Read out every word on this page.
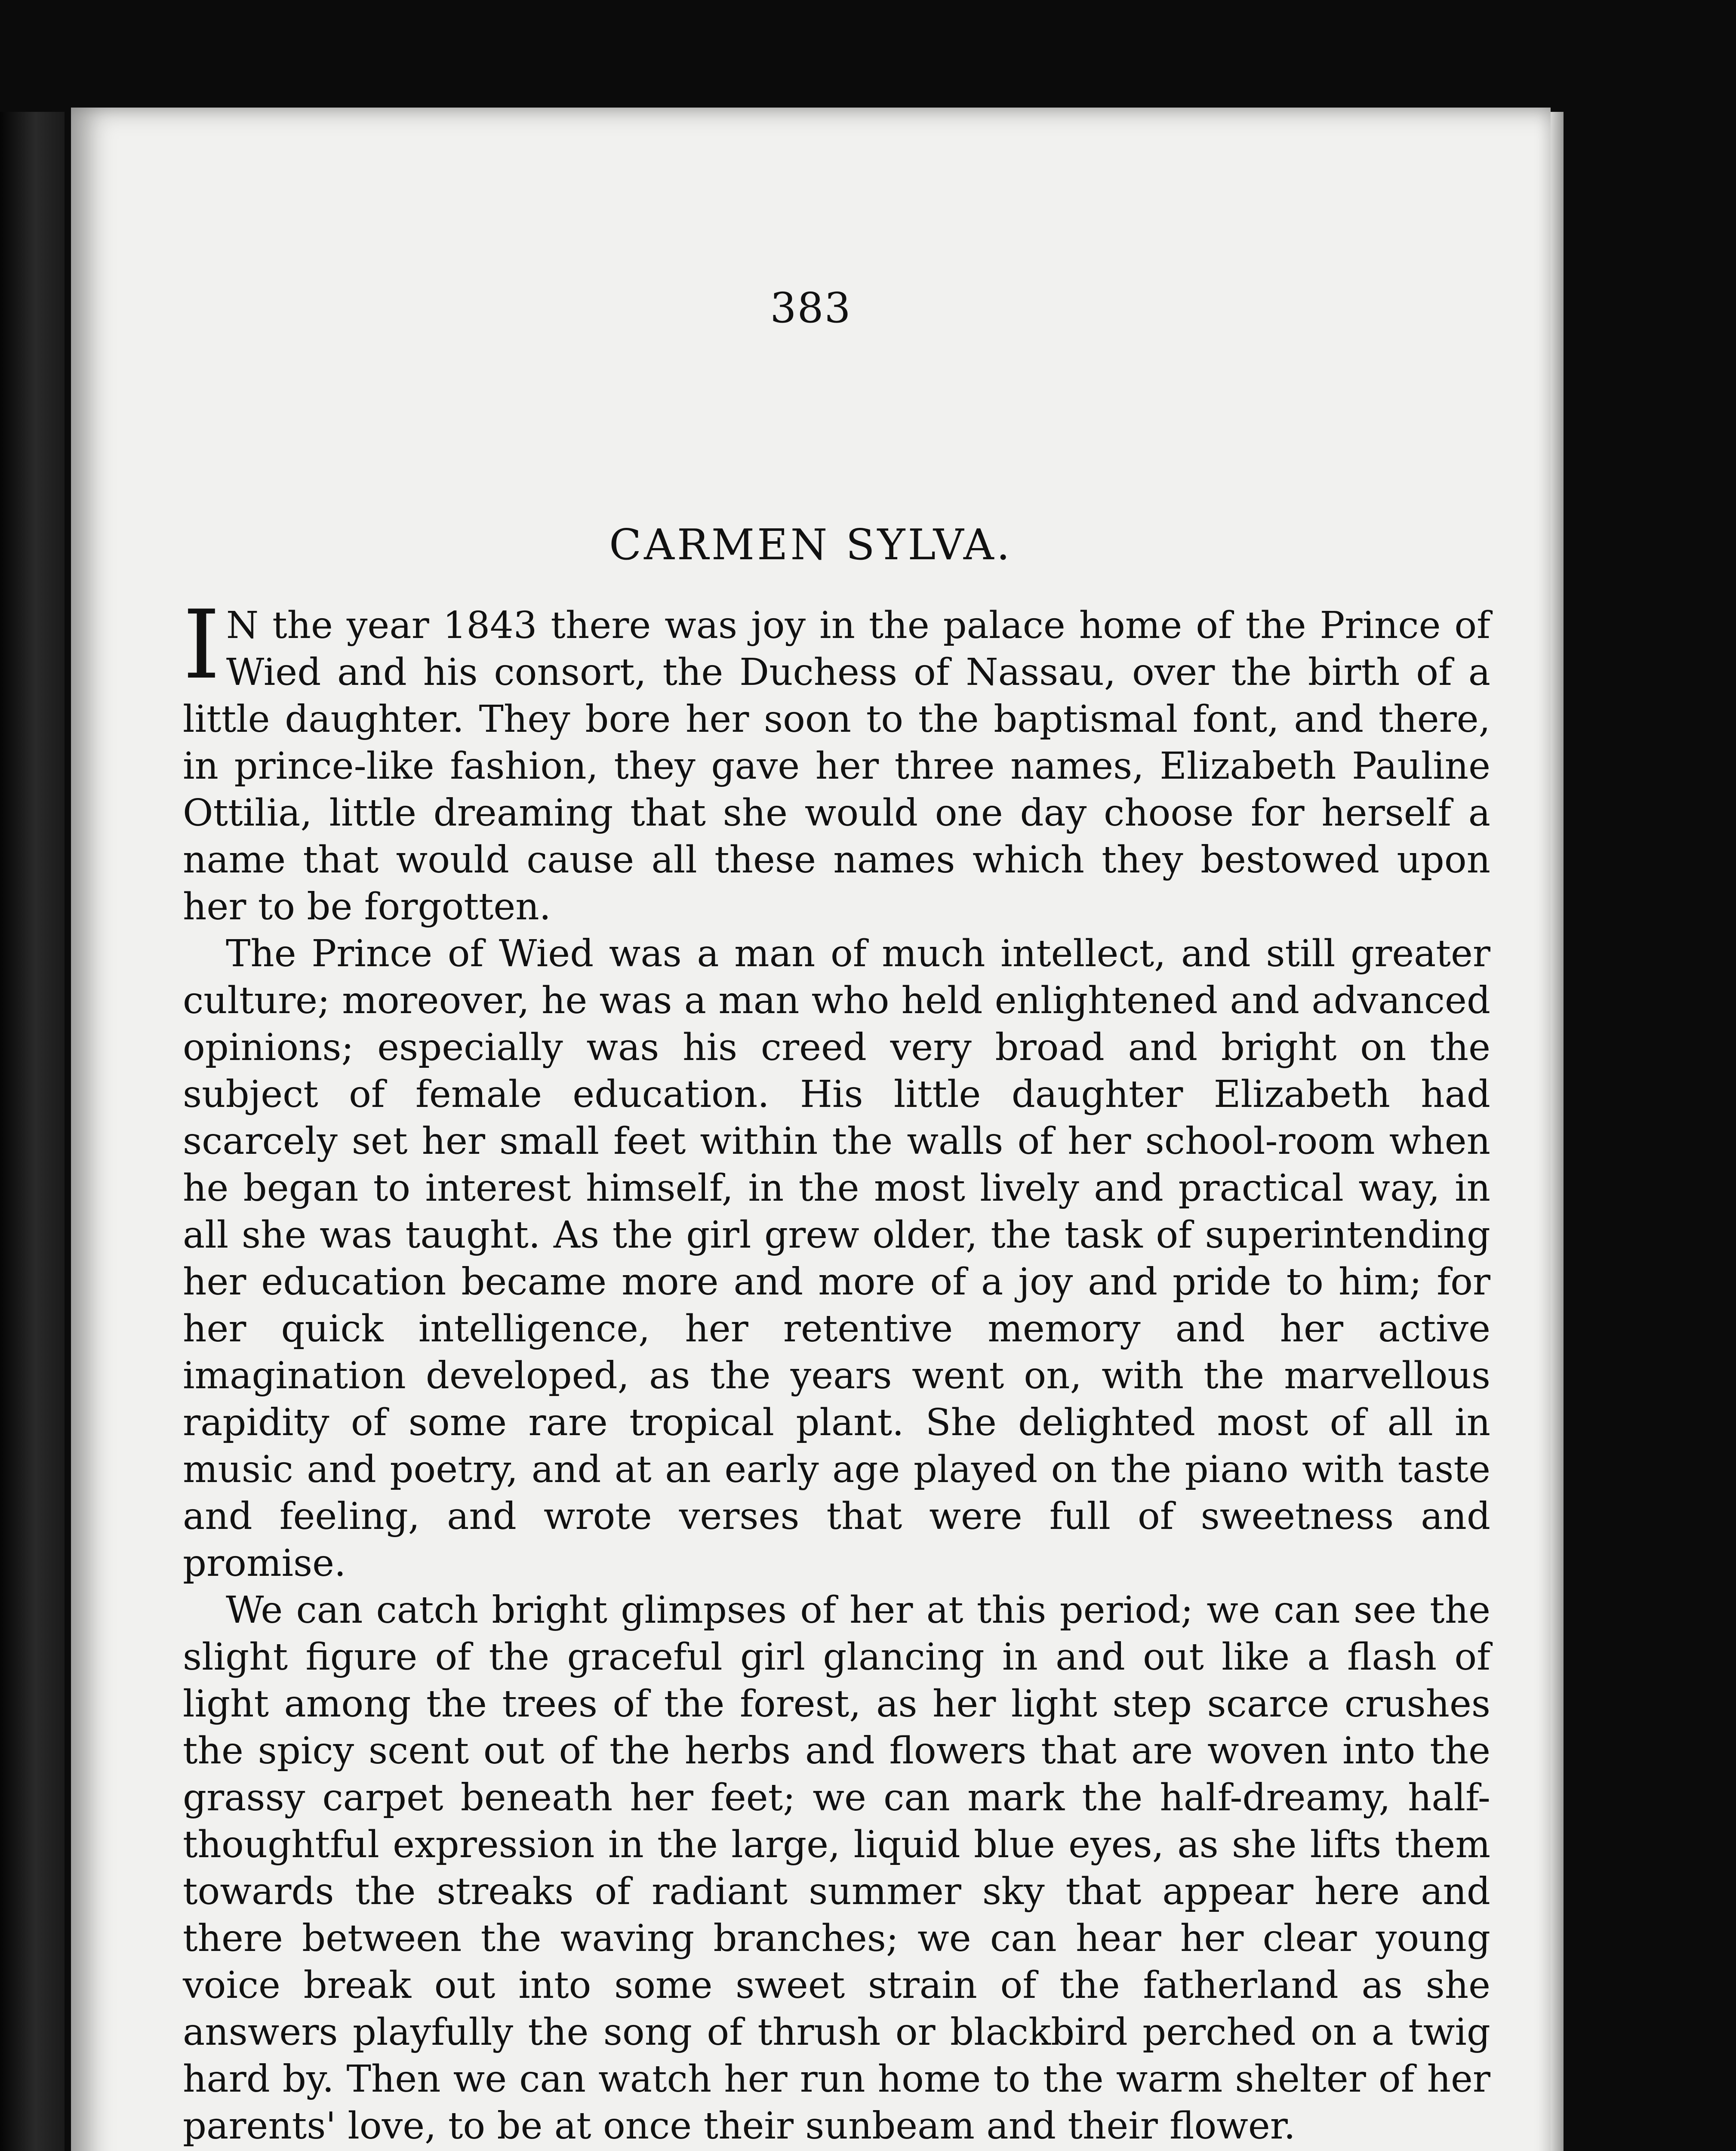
383
CARMEN SYLVA.

I N the year 1843 there was joy in the palace home of the Prince of Wied and his consort, the Duchess of Nassau, over the birth of a little daughter. They bore her soon to the baptismal font, and there, in prince-like fashion, they gave her three names, Elizabeth Pauline Ottilia, little dreaming that she would one day choose for herself a name that would cause all these names which they bestowed upon her to be forgotten.

The Prince of Wied was a man of much intellect, and still greater culture; moreover, he was a man who held enlightened and advanced opinions; especially was his creed very broad and bright on the subject of female education. His little daughter Elizabeth had scarcely set her small feet within the walls of her school-room when he began to interest himself, in the most lively and practical way, in all she was taught. As the girl grew older, the task of superintending her education became more and more of a joy and pride to him; for her quick intelligence, her retentive memory and her active imagination developed, as the years went on, with the marvellous rapidity of some rare tropical plant. She delighted most of all in music and poetry, and at an early age played on the piano with taste and feeling, and wrote verses that were full of sweetness and promise.

We can catch bright glimpses of her at this period; we can see the slight figure of the graceful girl glancing in and out like a flash of light among the trees of the forest, as her light step scarce crushes the spicy scent out of the herbs and flowers that are woven into the grassy carpet beneath her feet; we can mark the half-dreamy, half-thoughtful expression in the large, liquid blue eyes, as she lifts them towards the streaks of radiant summer sky that appear here and there between the waving branches; we can hear her clear young voice break out into some sweet strain of the fatherland as she answers playfully the song of thrush or blackbird perched on a twig hard by. Then we can watch her run home to the warm shelter of her parents' love, to be at once their sunbeam and their flower.
